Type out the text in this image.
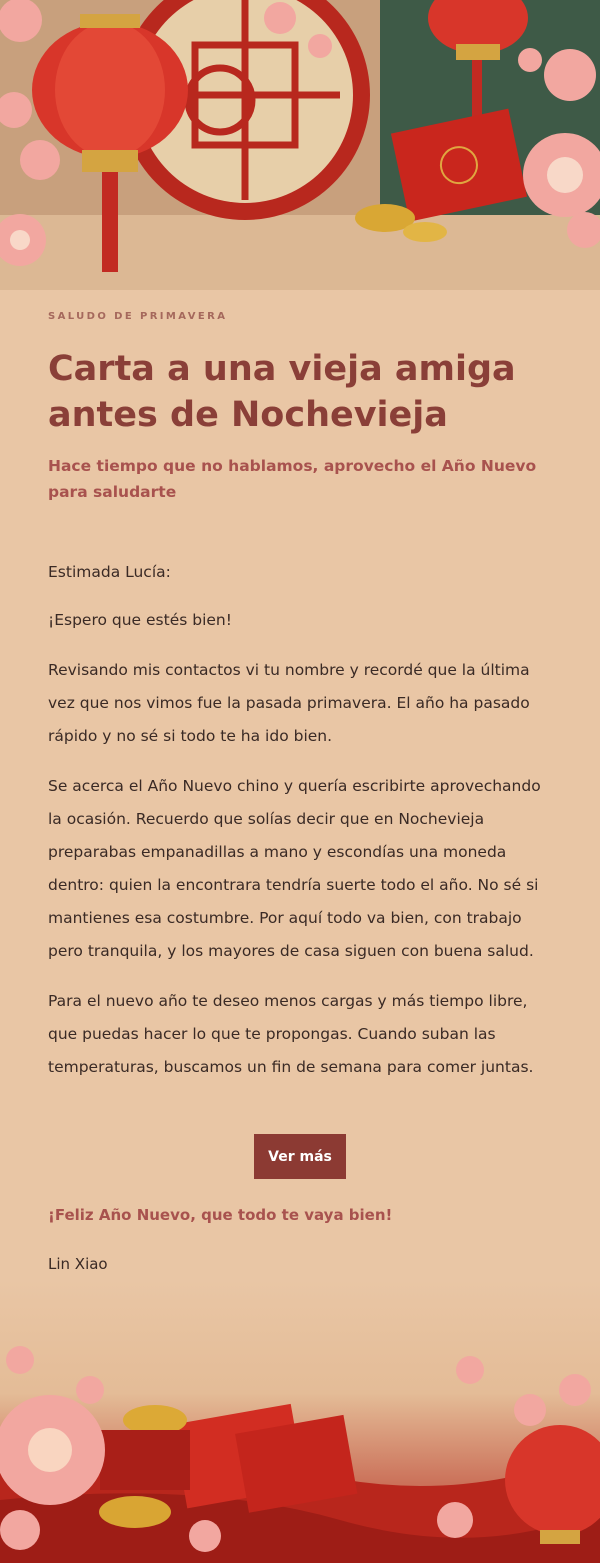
SALUDO DE PRIMAVERA
Carta a una vieja amiga antes de Nochevieja

Hace tiempo que no hablamos, aprovecho el Año Nuevo para saludarte

Estimada Lucía:

¡Espero que estés bien!

Revisando mis contactos vi tu nombre y recordé que la última vez que nos vimos fue la pasada primavera. El año ha pasado rápido y no sé si todo te ha ido bien.

Se acerca el Año Nuevo chino y quería escribirte aprovechando la ocasión. Recuerdo que solías decir que en Nochevieja preparabas empanadillas a mano y escondías una moneda dentro: quien la encontrara tendría suerte todo el año. No sé si mantienes esa costumbre. Por aquí todo va bien, con trabajo pero tranquila, y los mayores de casa siguen con buena salud.

Para el nuevo año te deseo menos cargas y más tiempo libre, que puedas hacer lo que te propongas. Cuando suban las temperaturas, buscamos un fin de semana para comer juntas.

Ver más

¡Feliz Año Nuevo, que todo te vaya bien!

Lin Xiao
